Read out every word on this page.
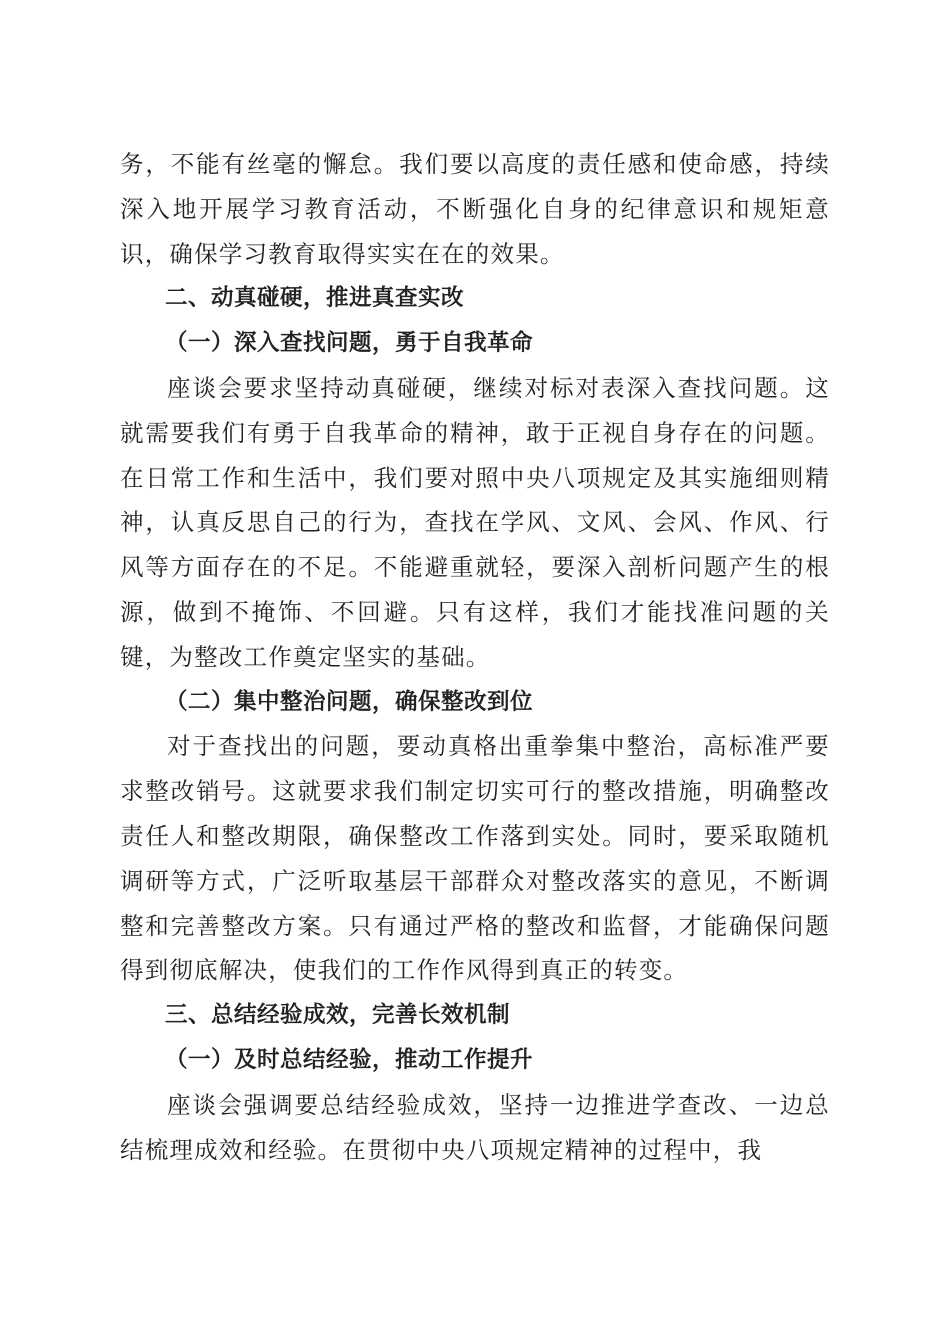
务，不能有丝毫的懈怠。我们要以高度的责任感和使命感，持续深入地开展学习教育活动，不断强化自身的纪律意识和规矩意识，确保学习教育取得实实在在的效果。

二、动真碰硬，推进真查实改

（一）深入查找问题，勇于自我革命

座谈会要求坚持动真碰硬，继续对标对表深入查找问题。这就需要我们有勇于自我革命的精神，敢于正视自身存在的问题。在日常工作和生活中，我们要对照中央八项规定及其实施细则精神，认真反思自己的行为，查找在学风、文风、会风、作风、行风等方面存在的不足。不能避重就轻，要深入剖析问题产生的根源，做到不掩饰、不回避。只有这样，我们才能找准问题的关键，为整改工作奠定坚实的基础。

（二）集中整治问题，确保整改到位

对于查找出的问题，要动真格出重拳集中整治，高标准严要求整改销号。这就要求我们制定切实可行的整改措施，明确整改责任人和整改期限，确保整改工作落到实处。同时，要采取随机调研等方式，广泛听取基层干部群众对整改落实的意见，不断调整和完善整改方案。只有通过严格的整改和监督，才能确保问题得到彻底解决，使我们的工作作风得到真正的转变。

三、总结经验成效，完善长效机制

（一）及时总结经验，推动工作提升

座谈会强调要总结经验成效，坚持一边推进学查改、一边总结梳理成效和经验。在贯彻中央八项规定精神的过程中，我
